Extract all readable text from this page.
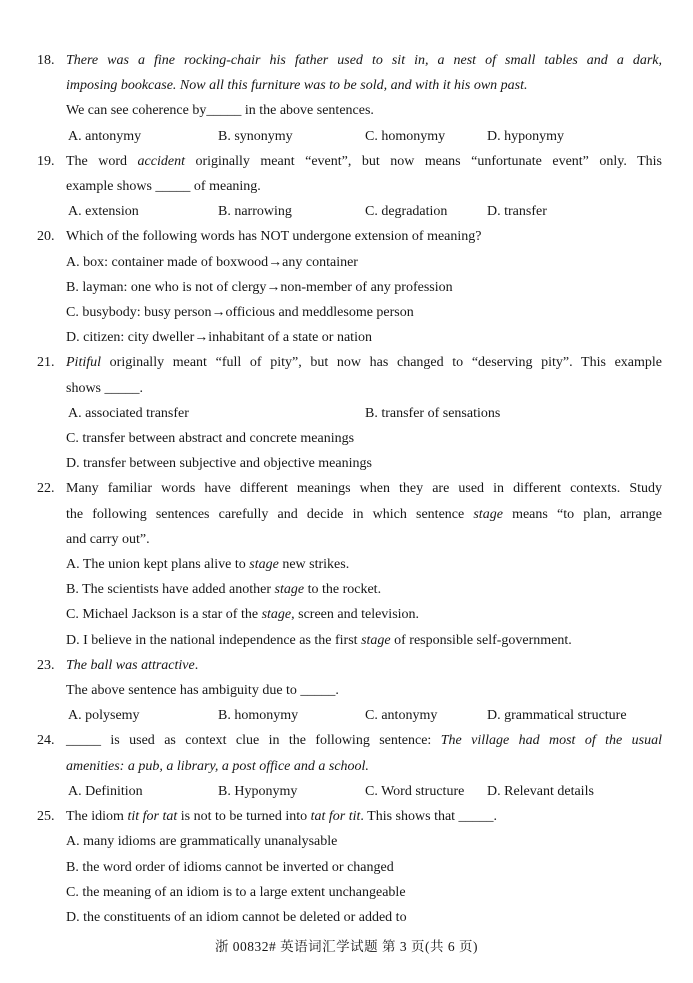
18. There was a fine rocking-chair his father used to sit in, a nest of small tables and a dark,
imposing bookcase. Now all this furniture was to be sold, and with it his own past.
We can see coherence by_____ in the above sentences.
A. antonymy	B. synonymy	C. homonymy	D. hyponymy
19. The word accident originally meant “event”, but now means “unfortunate event” only. This
example shows _____ of meaning.
A. extension	B. narrowing	C. degradation	D. transfer
20. Which of the following words has NOT undergone extension of meaning?
A. box: container made of boxwood→any container
B. layman: one who is not of clergy→non-member of any profession
C. busybody: busy person→officious and meddlesome person
D. citizen: city dweller→inhabitant of a state or nation
21. Pitiful originally meant “full of pity”, but now has changed to “deserving pity”. This example
shows _____.
A. associated transfer	B. transfer of sensations
C. transfer between abstract and concrete meanings
D. transfer between subjective and objective meanings
22. Many familiar words have different meanings when they are used in different contexts. Study
the following sentences carefully and decide in which sentence stage means “to plan, arrange
and carry out”.
A. The union kept plans alive to stage new strikes.
B. The scientists have added another stage to the rocket.
C. Michael Jackson is a star of the stage, screen and television.
D. I believe in the national independence as the first stage of responsible self-government.
23. The ball was attractive.
The above sentence has ambiguity due to _____.
A. polysemy	B. homonymy	C. antonymy	D. grammatical structure
24. _____ is used as context clue in the following sentence: The village had most of the usual
amenities: a pub, a library, a post office and a school.
A. Definition	B. Hyponymy	C. Word structure	D. Relevant details
25. The idiom tit for tat is not to be turned into tat for tit. This shows that _____.
A. many idioms are grammatically unanalysable
B. the word order of idioms cannot be inverted or changed
C. the meaning of an idiom is to a large extent unchangeable
D. the constituents of an idiom cannot be deleted or added to
浙 00832# 英语词汇学试题 第 3 页(共 6 页)
